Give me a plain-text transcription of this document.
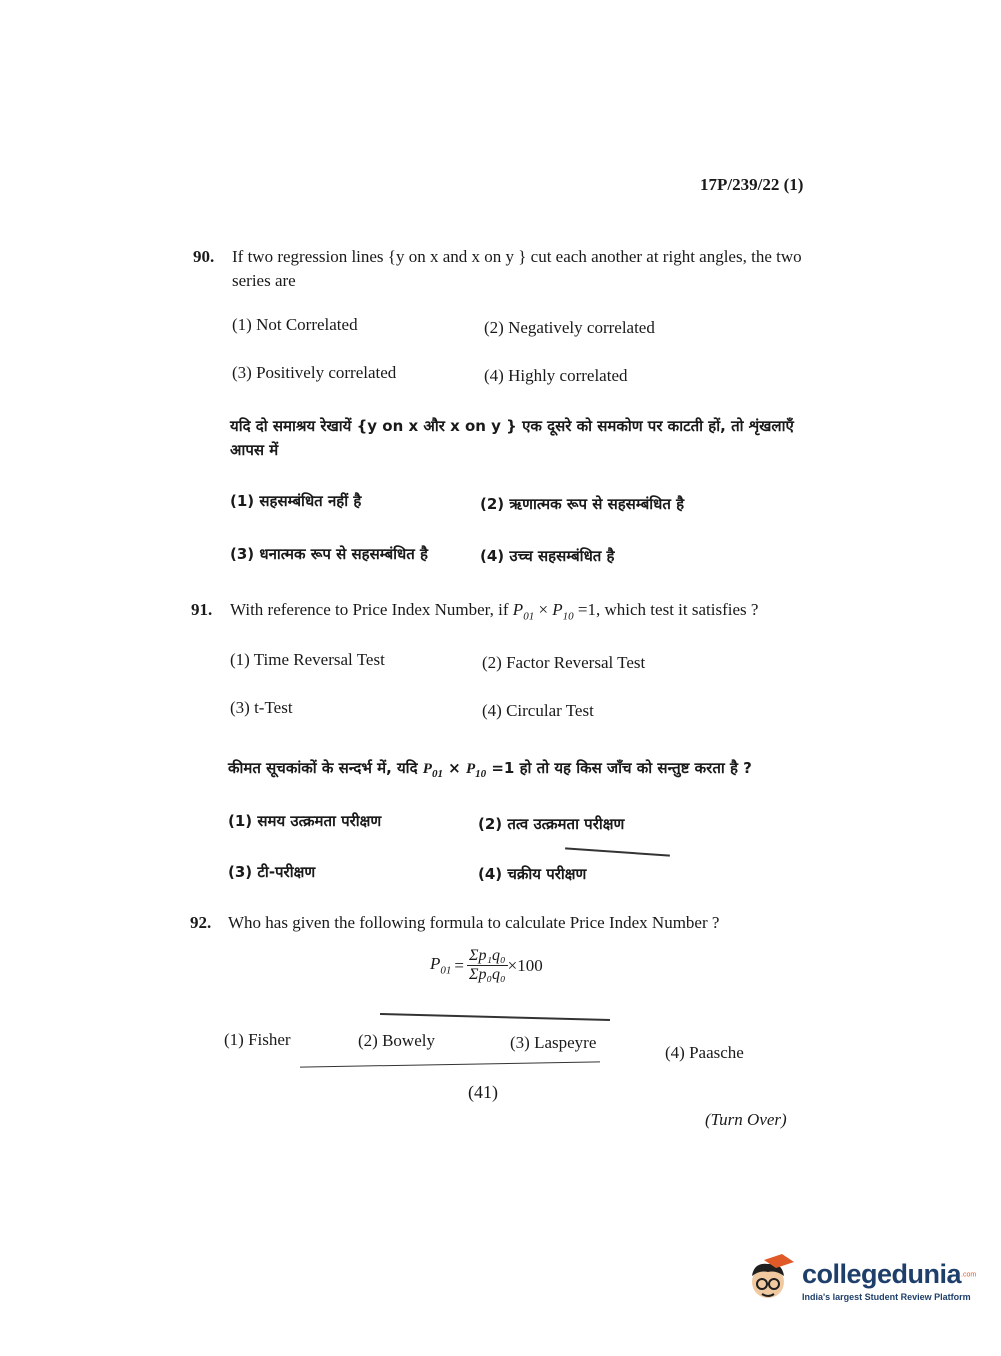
17P/239/22 (1)
90. If two regression lines {y on x and x on y } cut each another at right angles, the two series are
(1) Not Correlated	(2) Negatively correlated
(3) Positively correlated	(4) Highly correlated
यदि दो समाश्रय रेखायें {y on x और x on y } एक दूसरे को समकोण पर काटती हों, तो शृंखलाएँ आपस में
(1) सहसम्बंधित नहीं है	(2) ऋणात्मक रूप से सहसम्बंधित है
(3) धनात्मक रूप से सहसम्बंधित है	(4) उच्च सहसम्बंधित है
91. With reference to Price Index Number, if $P_{01} \times P_{10} =1$, which test it satisfies ?
(1) Time Reversal Test	(2) Factor Reversal Test
(3) t-Test	(4) Circular Test
कीमत सूचकांकों के सन्दर्भ में, यदि $P_{01} \times P_{10} =1$ हो तो यह किस जाँच को सन्तुष्ट करता है ?
(1) समय उत्क्रमता परीक्षण	(2) तत्व उत्क्रमता परीक्षण
(3) टी-परीक्षण	(4) चक्रीय परीक्षण
92. Who has given the following formula to calculate Price Index Number ?
$P_{01} = \frac{\text{Σp₁q₀}}{\text{Σp₀q₀}} \times 100$
(1) Fisher	(2) Bowely	(3) Laspeyre
(4) Paasche
(41)
(Turn Over)
collegedunia$^{.com}$
India's largest Student Review Platform
